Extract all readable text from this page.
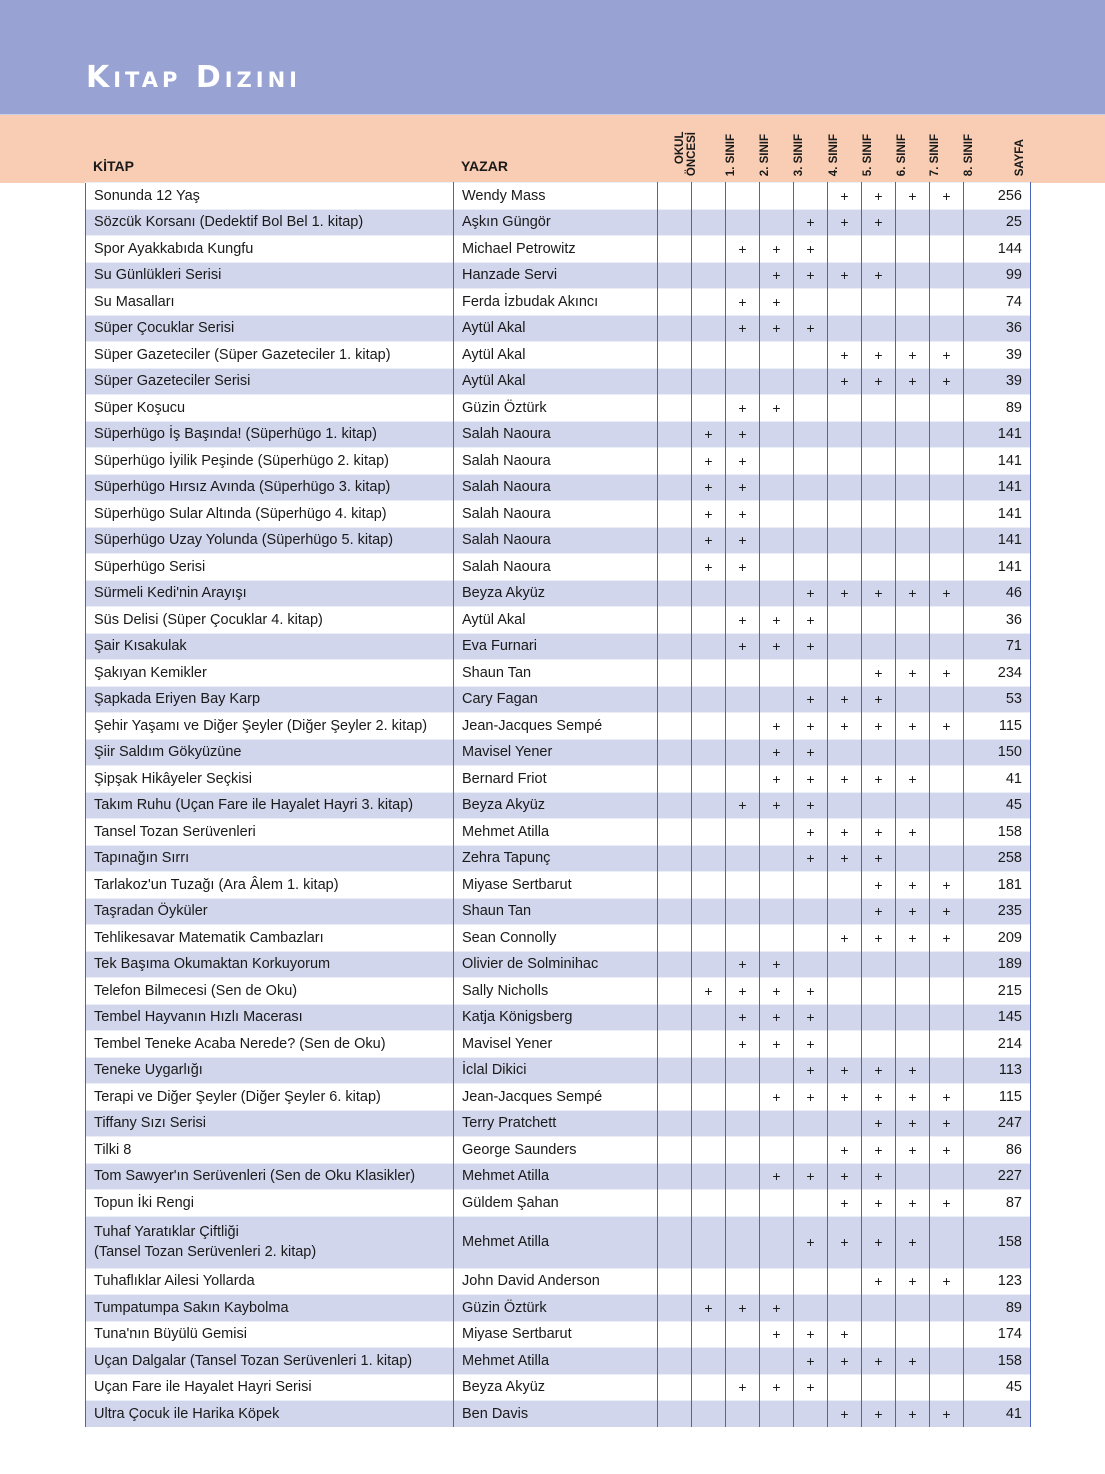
Kitap Dizini
KİTAP	YAZAR
OKUL
ÖNCESİ 1. SINIF 2. SINIF 3. SINIF 4. SINIF 5. SINIF 6. SINIF 7. SINIF 8. SINIF	SAYFA
Sonunda 12 Yaş	Wendy Mass						+	+	+	+	256
Sözcük Korsanı (Dedektif Bol Bel 1. kitap)	Aşkın Güngör					+	+	+			25
Spor Ayakkabıda Kungfu	Michael Petrowitz			+	+	+					144
Su Günlükleri Serisi	Hanzade Servi				+	+	+	+			99
Su Masalları	Ferda İzbudak Akıncı			+	+						74
Süper Çocuklar Serisi	Aytül Akal			+	+	+					36
Süper Gazeteciler (Süper Gazeteciler 1. kitap)	Aytül Akal						+	+	+	+	39
Süper Gazeteciler Serisi	Aytül Akal						+	+	+	+	39
Süper Koşucu	Güzin Öztürk			+	+						89
Süperhügo İş Başında! (Süperhügo 1. kitap)	Salah Naoura		+	+							141
Süperhügo İyilik Peşinde (Süperhügo 2. kitap)	Salah Naoura		+	+							141
Süperhügo Hırsız Avında (Süperhügo 3. kitap)	Salah Naoura		+	+							141
Süperhügo Sular Altında (Süperhügo 4. kitap)	Salah Naoura		+	+							141
Süperhügo Uzay Yolunda (Süperhügo 5. kitap)	Salah Naoura		+	+							141
Süperhügo Serisi	Salah Naoura		+	+							141
Sürmeli Kedi'nin Arayışı	Beyza Akyüz					+	+	+	+	+	46
Süs Delisi (Süper Çocuklar 4. kitap)	Aytül Akal			+	+	+					36
Şair Kısakulak	Eva Furnari			+	+	+					71
Şakıyan Kemikler	Shaun Tan							+	+	+	234
Şapkada Eriyen Bay Karp	Cary Fagan					+	+	+			53
Şehir Yaşamı ve Diğer Şeyler (Diğer Şeyler 2. kitap)	Jean-Jacques Sempé				+	+	+	+	+	+	115
Şiir Saldım Gökyüzüne	Mavisel Yener				+	+					150
Şipşak Hikâyeler Seçkisi	Bernard Friot				+	+	+	+	+		41
Takım Ruhu (Uçan Fare ile Hayalet Hayri 3. kitap)	Beyza Akyüz			+	+	+					45
Tansel Tozan Serüvenleri	Mehmet Atilla					+	+	+	+		158
Tapınağın Sırrı	Zehra Tapunç					+	+	+			258
Tarlakoz'un Tuzağı (Ara Âlem 1. kitap)	Miyase Sertbarut							+	+	+	181
Taşradan Öyküler	Shaun Tan							+	+	+	235
Tehlikesavar Matematik Cambazları	Sean Connolly						+	+	+	+	209
Tek Başıma Okumaktan Korkuyorum	Olivier de Solminihac			+	+						189
Telefon Bilmecesi (Sen de Oku)	Sally Nicholls		+	+	+	+					215
Tembel Hayvanın Hızlı Macerası	Katja Königsberg			+	+	+					145
Tembel Teneke Acaba Nerede? (Sen de Oku)	Mavisel Yener			+	+	+					214
Teneke Uygarlığı	İclal Dikici					+	+	+	+		113
Terapi ve Diğer Şeyler (Diğer Şeyler 6. kitap)	Jean-Jacques Sempé				+	+	+	+	+	+	115
Tiffany Sızı Serisi	Terry Pratchett							+	+	+	247
Tilki 8	George Saunders						+	+	+	+	86
Tom Sawyer'ın Serüvenleri (Sen de Oku Klasikler)	Mehmet Atilla				+	+	+	+			227
Topun İki Rengi	Güldem Şahan						+	+	+	+	87
Tuhaf Yaratıklar Çiftliği
(Tansel Tozan Serüvenleri 2. kitap)	Mehmet Atilla					+	+	+	+		158
Tuhaflıklar Ailesi Yollarda	John David Anderson							+	+	+	123
Tumpatumpa Sakın Kaybolma	Güzin Öztürk		+	+	+						89
Tuna'nın Büyülü Gemisi	Miyase Sertbarut				+	+	+				174
Uçan Dalgalar (Tansel Tozan Serüvenleri 1. kitap)	Mehmet Atilla					+	+	+	+		158
Uçan Fare ile Hayalet Hayri Serisi	Beyza Akyüz			+	+	+					45
Ultra Çocuk ile Harika Köpek	Ben Davis						+	+	+	+	41
